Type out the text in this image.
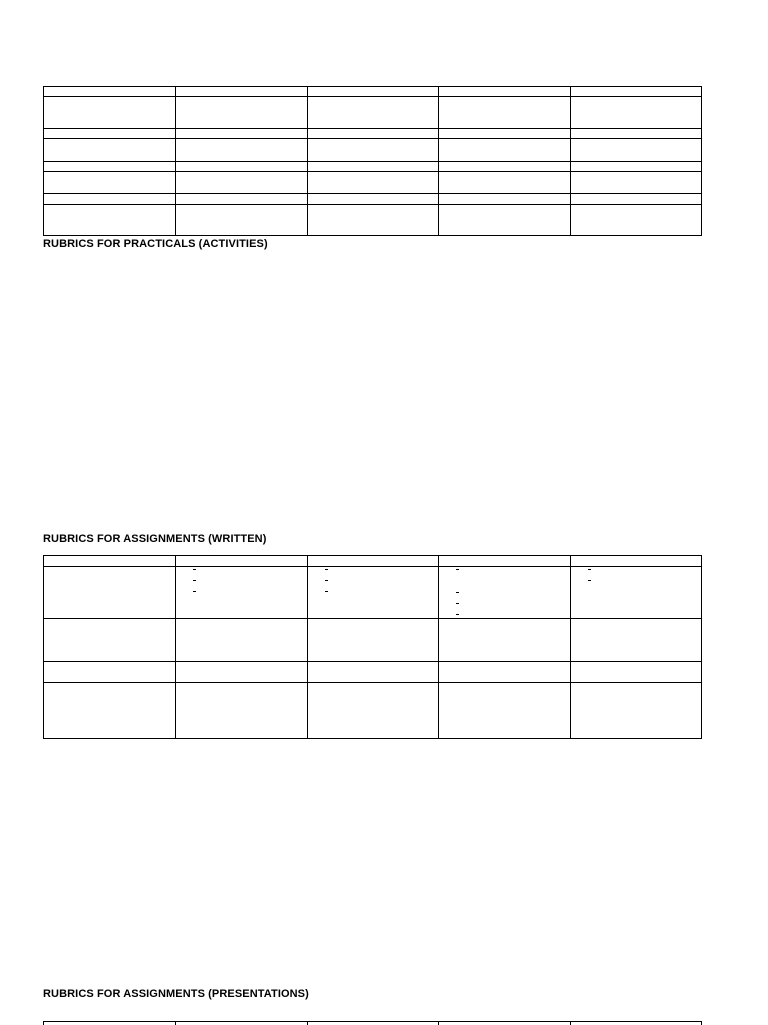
RUBRICS FOR PRACTICALS (ACTIVITIES)
RUBRICS FOR ASSIGNMENTS (WRITTEN)
RUBRICS FOR ASSIGNMENTS (PRESENTATIONS)
